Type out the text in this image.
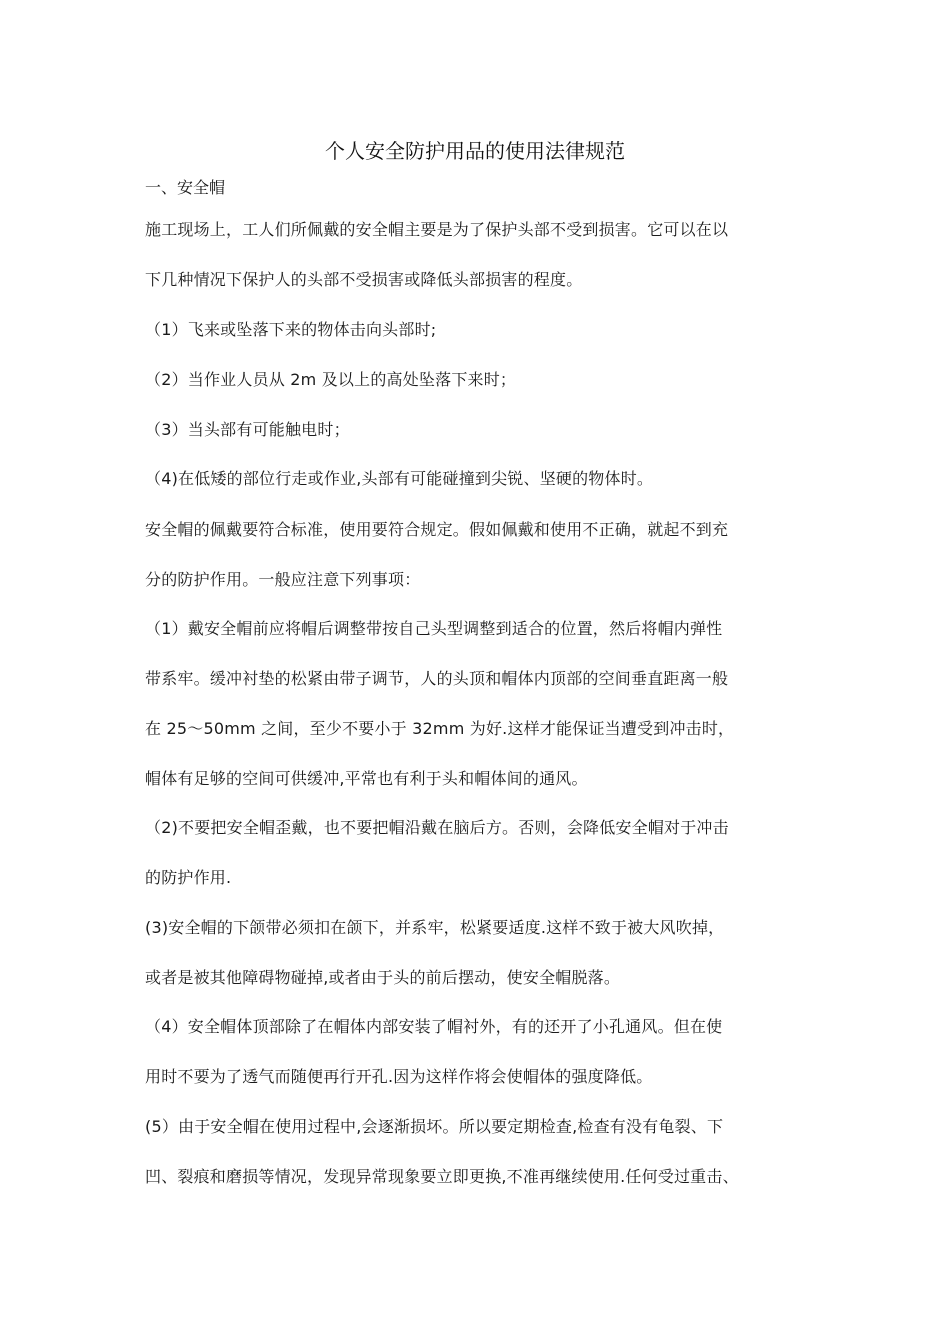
个人安全防护用品的使用法律规范
一、安全帽
施工现场上，工人们所佩戴的安全帽主要是为了保护头部不受到损害。它可以在以
下几种情况下保护人的头部不受损害或降低头部损害的程度。
（1）飞来或坠落下来的物体击向头部时;
（2）当作业人员从 2m 及以上的高处坠落下来时；
（3）当头部有可能触电时；
（4)在低矮的部位行走或作业,头部有可能碰撞到尖锐、坚硬的物体时。
安全帽的佩戴要符合标准，使用要符合规定。假如佩戴和使用不正确，就起不到充
分的防护作用。一般应注意下列事项：
（1）戴安全帽前应将帽后调整带按自己头型调整到适合的位置，然后将帽内弹性
带系牢。缓冲衬垫的松紧由带子调节，人的头顶和帽体内顶部的空间垂直距离一般
在 25～50mm 之间，至少不要小于 32mm 为好.这样才能保证当遭受到冲击时，
帽体有足够的空间可供缓冲,平常也有利于头和帽体间的通风。
（2)不要把安全帽歪戴，也不要把帽沿戴在脑后方。否则，会降低安全帽对于冲击
的防护作用.
(3)安全帽的下颌带必须扣在颌下，并系牢，松紧要适度.这样不致于被大风吹掉，
或者是被其他障碍物碰掉,或者由于头的前后摆动，使安全帽脱落。
（4）安全帽体顶部除了在帽体内部安装了帽衬外，有的还开了小孔通风。但在使
用时不要为了透气而随便再行开孔.因为这样作将会使帽体的强度降低。
(5）由于安全帽在使用过程中,会逐渐损坏。所以要定期检查,检查有没有龟裂、下
凹、裂痕和磨损等情况，发现异常现象要立即更换,不准再继续使用.任何受过重击、
